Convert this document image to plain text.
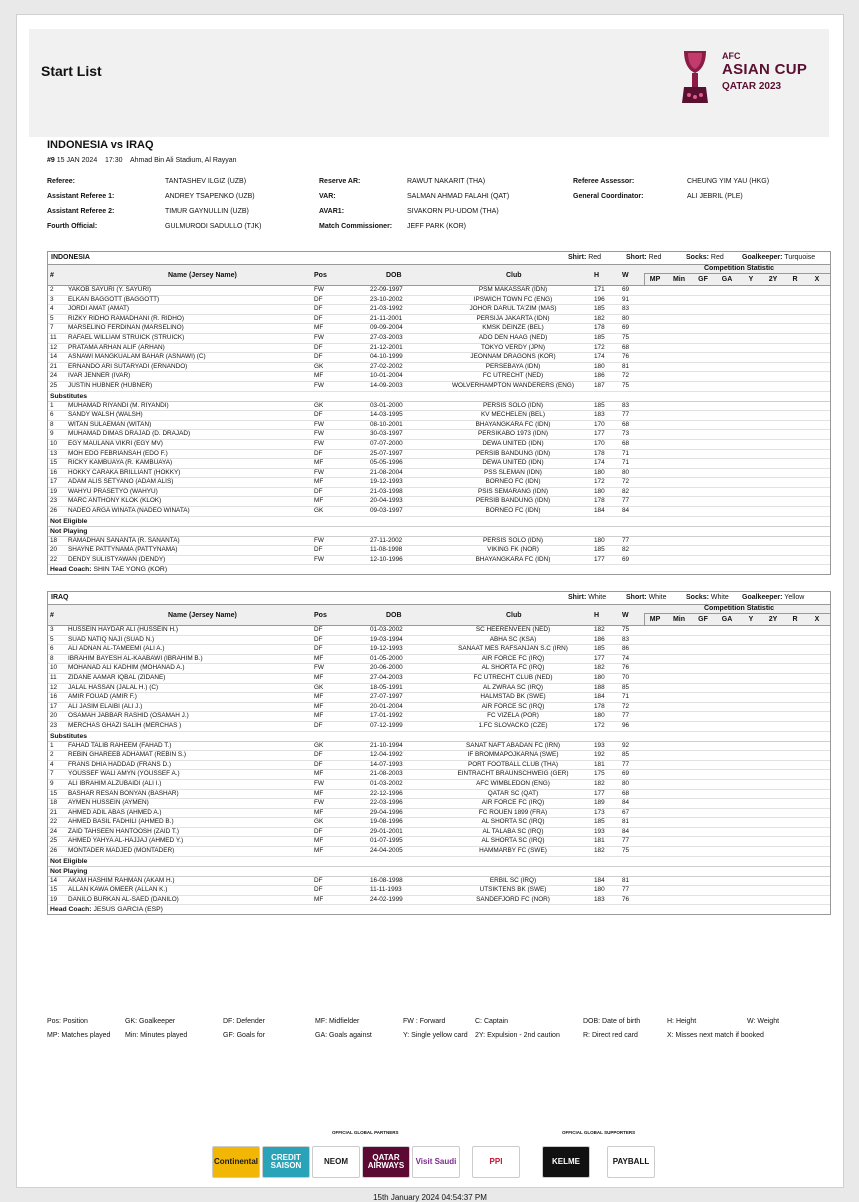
Start List
AFC
ASIAN CUP
QATAR 2023
INDONESIA vs IRAQ
#9 15 JAN 2024 17:30 Ahmad Bin Ali Stadium, Al Rayyan
Referee:	TANTASHEV ILGIZ (UZB)	Reserve AR:	RAWUT NAKARIT (THA)	Referee Assessor:	CHEUNG YIM YAU (HKG)
Assistant Referee 1:	ANDREY TSAPENKO (UZB)	VAR:	SALMAN AHMAD FALAHI (QAT)	General Coordinator:	ALI JEBRIL (PLE)
Assistant Referee 2:	TIMUR GAYNULLIN (UZB)	AVAR1:	SIVAKORN PU-UDOM (THA)
Fourth Official:	GULMURODI SADULLO (TJK)	Match Commissioner: JEFF PARK (KOR)
INDONESIA	Shirt: Red	Short: Red	Socks: Red	Goalkeeper: Turquoise
#	Name (Jersey Name)	Pos	DOB	Club	H	W
Competition Statistic
MP	Min	GF	GA	Y	2Y	R	X
2	YAKOB SAYURI (Y. SAYURI)	FW	22-09-1997	PSM MAKASSAR (IDN)	171	69
3	ELKAN BAGGOTT (BAGGOTT)	DF	23-10-2002	IPSWICH TOWN FC (ENG)	196	91
4	JORDI AMAT (AMAT)	DF	21-03-1992	JOHOR DARUL TA'ZIM (MAS)	185	83
5	RIZKY RIDHO RAMADHANI (R. RIDHO)	DF	21-11-2001	PERSIJA JAKARTA (IDN)	182	80
7	MARSELINO FERDINAN (MARSELINO)	MF	09-09-2004	KMSK DEINZE (BEL)	178	69
11	RAFAEL WILLIAM STRUICK (STRUICK)	FW	27-03-2003	ADO DEN HAAG (NED)	185	75
12	PRATAMA ARHAN ALIF (ARHAN)	DF	21-12-2001	TOKYO VERDY (JPN)	172	68
14	ASNAWI MANGKUALAM BAHAR (ASNAWI) (C)	DF	04-10-1999	JEONNAM DRAGONS (KOR)	174	76
21	ERNANDO ARI SUTARYADI (ERNANDO)	GK	27-02-2002	PERSEBAYA (IDN)	180	81
24	IVAR JENNER (IVAR)	MF	10-01-2004	FC UTRECHT (NED)	186	72
25	JUSTIN HUBNER (HUBNER)	FW	14-09-2003	WOLVERHAMPTON WANDERERS (ENG)	187	75
Substitutes
1	MUHAMAD RIYANDI (M. RIYANDI)	GK	03-01-2000	PERSIS SOLO (IDN)	185	83
6	SANDY WALSH (WALSH)	DF	14-03-1995	KV MECHELEN (BEL)	183	77
8	WITAN SULAEMAN (WITAN)	FW	08-10-2001	BHAYANGKARA FC (IDN)	170	68
9	MUHAMAD DIMAS DRAJAD (D. DRAJAD)	FW	30-03-1997	PERSIKABO 1973 (IDN)	177	73
10	EGY MAULANA VIKRI (EGY MV)	FW	07-07-2000	DEWA UNITED (IDN)	170	68
13	MOH EDO FEBRIANSAH (EDO F.)	DF	25-07-1997	PERSIB BANDUNG (IDN)	178	71
15	RICKY KAMBUAYA (R. KAMBUAYA)	MF	05-05-1996	DEWA UNITED (IDN)	174	71
16	HOKKY CARAKA BRILLIANT (HOKKY)	FW	21-08-2004	PSS SLEMAN (IDN)	180	80
17	ADAM ALIS SETYANO (ADAM ALIS)	MF	19-12-1993	BORNEO FC (IDN)	172	72
19	WAHYU PRASETYO (WAHYU)	DF	21-03-1998	PSIS SEMARANG (IDN)	180	82
23	MARC ANTHONY KLOK (KLOK)	MF	20-04-1993	PERSIB BANDUNG (IDN)	178	77
26	NADEO ARGA WINATA (NADEO WINATA)	GK	09-03-1997	BORNEO FC (IDN)	184	84
Not Eligible
Not Playing
18	RAMADHAN SANANTA (R. SANANTA)	FW	27-11-2002	PERSIS SOLO (IDN)	180	77
20	SHAYNE PATTYNAMA (PATTYNAMA)	DF	11-08-1998	VIKING FK (NOR)	185	82
22	DENDY SULISTYAWAN (DENDY)	FW	12-10-1996	BHAYANGKARA FC (IDN)	177	69
Head Coach: SHIN TAE YONG (KOR)
IRAQ	Shirt: White	Short: White	Socks: White Goalkeeper: Yellow
#	Name (Jersey Name)	Pos	DOB	Club	H	W
Competition Statistic
MP	Min	GF	GA	Y	2Y	R	X
3	HUSSEIN HAYDAR ALI (HUSSEIN H.)	DF	01-03-2002	SC HEERENVEEN (NED)	182	75
5	SUAD NATIQ NAJI (SUAD N.)	DF	19-03-1994	ABHA SC (KSA)	186	83
6	ALI ADNAN AL-TAMEEMI (ALI A.)	DF	19-12-1993	SANAAT MES RAFSANJAN S.C (IRN)	185	86
8	IBRAHIM BAYESH AL-KAABAWI (IBRAHIM B.)	MF	01-05-2000	AIR FORCE FC (IRQ)	177	74
10	MOHANAD ALI KADHIM (MOHANAD A.)	FW	20-06-2000	AL SHORTA FC (IRQ)	182	76
11	ZIDANE AAMAR IQBAL (ZIDANE)	MF	27-04-2003	FC UTRECHT CLUB (NED)	180	70
12	JALAL HASSAN (JALAL H.) (C)	GK	18-05-1991	AL ZWRAA SC (IRQ)	188	85
16	AMIR FOUAD (AMIR F.)	MF	27-07-1997	HALMSTAD BK (SWE)	184	71
17	ALI JASIM ELAIBI (ALI J.)	MF	20-01-2004	AIR FORCE SC (IRQ)	178	72
20	OSAMAH JABBAR RASHID (OSAMAH J.)	MF	17-01-1992	FC VIZELA (POR)	180	77
23	MERCHAS GHAZI SALIH (MERCHAS )	DF	07-12-1999	1.FC SLOVACKO (CZE)	172	96
Substitutes
1	FAHAD TALIB RAHEEM (FAHAD T.)	GK	21-10-1994	SANAT NAFT ABADAN FC (IRN)	193	92
2	REBIN GHAREEB ADHAMAT (REBIN S.)	DF	12-04-1992	IF BROMMAPOJKARNA (SWE)	192	85
4	FRANS DHIA HADDAD (FRANS D.)	DF	14-07-1993	PORT FOOTBALL CLUB (THA)	181	77
7	YOUSSEF WALI AMYN (YOUSSEF A.)	MF	21-08-2003	EINTRACHT BRAUNSCHWEIG (GER)	175	69
9	ALI IBRAHIM ALZUBAIDI (ALI I.)	FW	01-03-2002	AFC WIMBLEDON (ENG)	182	80
15	BASHAR RESAN BONYAN (BASHAR)	MF	22-12-1996	QATAR SC (QAT)	177	68
18	AYMEN HUSSEIN (AYMEN)	FW	22-03-1996	AIR FORCE FC (IRQ)	189	84
21	AHMED ADIL ABAS (AHMED A.)	MF	29-04-1996	FC ROUEN 1899 (FRA)	173	67
22	AHMED BASIL FADHILI (AHMED B.)	GK	19-08-1996	AL SHORTA SC (IRQ)	185	81
24	ZAID TAHSEEN HANTOOSH (ZAID T.)	DF	29-01-2001	AL TALABA SC (IRQ)	193	84
25	AHMED YAHYA AL-HAJJAJ (AHMED Y.)	MF	01-07-1995	AL SHORTA SC (IRQ)	181	77
26	MONTADER MADJED (MONTADER)	MF	24-04-2005	HAMMARBY FC (SWE)	182	75
Not Eligible
Not Playing
14	AKAM HASHIM RAHMAN (AKAM H.)	DF	16-08-1998	ERBIL SC (IRQ)	184	81
15	ALLAN KAWA OMEER (ALLAN K.)	DF	11-11-1993	UTSIKTENS BK (SWE)	180	77
19	DANILO BURKAN AL-SAED (DANILO)	MF	24-02-1999	SANDEFJORD FC (NOR)	183	76
Head Coach: JESUS GARCIA (ESP)
Pos: Position	GK: Goalkeeper	DF: Defender	MF: Midfielder	FW : Forward	C: Captain	DOB: Date of birth	H: Height	W: Weight
MP: Matches played Min: Minutes played	GF: Goals for	GA: Goals against	Y: Single yellow card 2Y: Expulsion - 2nd caution	R: Direct red card	X: Misses next match if booked
OFFICIAL GLOBAL PARTNERS	OFFICIAL GLOBAL SUPPORTERS
Continental	CREDIT SAISON	NEOM	QATAR AIRWAYS	Visit Saudi	PPI	KELME	PAYBALL
15th January 2024 04:54:37 PM
